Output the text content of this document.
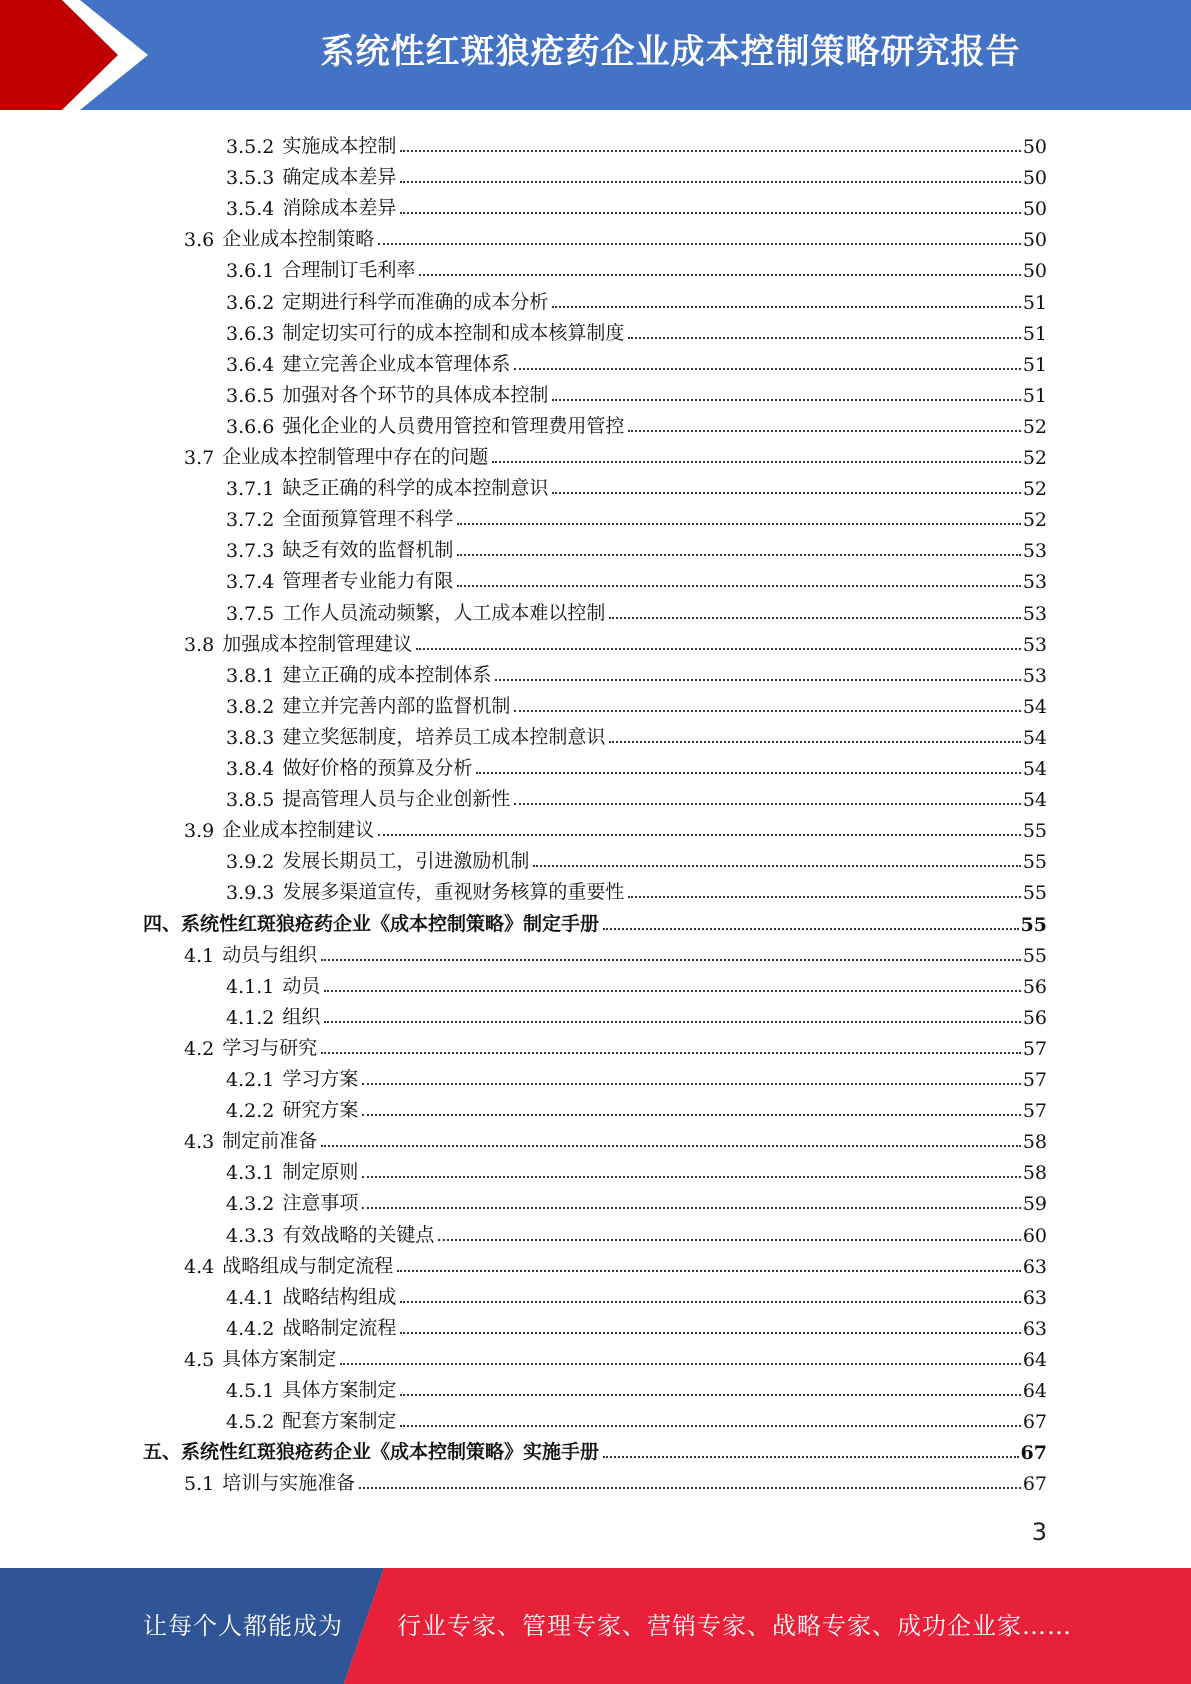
系统性红斑狼疮药企业成本控制策略研究报告
3.5.2 实施成本控制	50
3.5.3 确定成本差异	50
3.5.4 消除成本差异	50
3.6 企业成本控制策略	50
3.6.1 合理制订毛利率	50
3.6.2 定期进行科学而准确的成本分析	51
3.6.3 制定切实可行的成本控制和成本核算制度	51
3.6.4 建立完善企业成本管理体系	51
3.6.5 加强对各个环节的具体成本控制	51
3.6.6 强化企业的人员费用管控和管理费用管控	52
3.7 企业成本控制管理中存在的问题	52
3.7.1 缺乏正确的科学的成本控制意识	52
3.7.2 全面预算管理不科学	52
3.7.3 缺乏有效的监督机制	53
3.7.4 管理者专业能力有限	53
3.7.5 工作人员流动频繁，人工成本难以控制	53
3.8 加强成本控制管理建议	53
3.8.1 建立正确的成本控制体系	53
3.8.2 建立并完善内部的监督机制	54
3.8.3 建立奖惩制度，培养员工成本控制意识	54
3.8.4 做好价格的预算及分析	54
3.8.5 提高管理人员与企业创新性	54
3.9 企业成本控制建议	55
3.9.2 发展长期员工，引进激励机制	55
3.9.3 发展多渠道宣传，重视财务核算的重要性	55
四、 系统性红斑狼疮药企业《成本控制策略》制定手册	55
4.1 动员与组织	55
4.1.1 动员	56
4.1.2 组织	56
4.2 学习与研究	57
4.2.1 学习方案	57
4.2.2 研究方案	57
4.3 制定前准备	58
4.3.1 制定原则	58
4.3.2 注意事项	59
4.3.3 有效战略的关键点	60
4.4 战略组成与制定流程	63
4.4.1 战略结构组成	63
4.4.2 战略制定流程	63
4.5 具体方案制定	64
4.5.1 具体方案制定	64
4.5.2 配套方案制定	67
五、 系统性红斑狼疮药企业《成本控制策略》实施手册	67
5.1 培训与实施准备	67
3
让每个人都能成为 行业专家、管理专家、营销专家、战略专家、成功企业家……
